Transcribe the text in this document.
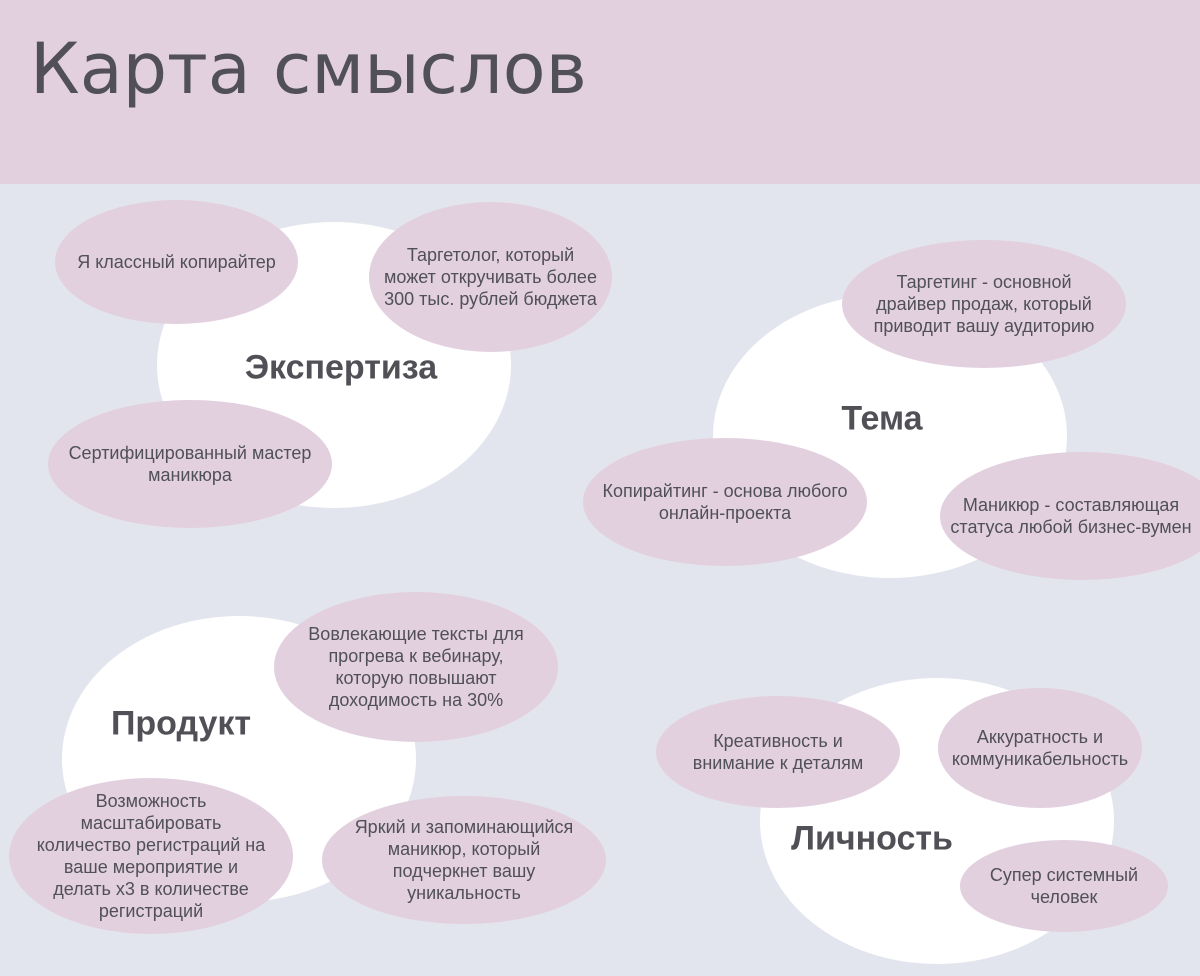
Карта смыслов
Экспертиза
Я классный копирайтер	Таргетолог, который может откручивать более 300 тыс. рублей бюджета
Сертифицированный мастер маникюра
Тема
Таргетинг - основной драйвер продаж, который приводит вашу аудиторию
Копирайтинг - основа любого онлайн-проекта	Маникюр - составляющая статуса любой бизнес-вумен
Продукт
Вовлекающие тексты для прогрева к вебинару, которую повышают доходимость на 30%
Возможность масштабировать количество регистраций на ваше мероприятие и делать х3 в количестве регистраций
Яркий и запоминающийся маникюр, который подчеркнет вашу уникальность
Личность
Креативность и внимание к деталям
Аккуратность и коммуникабельность
Супер системный человек
